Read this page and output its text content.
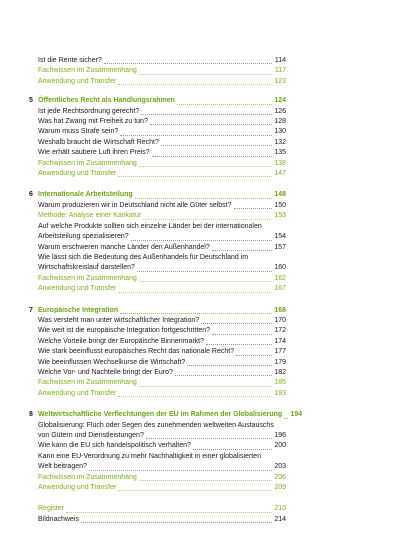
Ist die Rente sicher?	114
Fachwissen im Zusammenhang	117
Anwendung und Transfer	123
5 Öffentliches Recht als Handlungsrahmen	124
Ist jede Rechtsordnung gerecht?	126
Was hat Zwang mit Freiheit zu tun?	128
Warum muss Strafe sein?	130
Weshalb braucht die Wirtschaft Recht?	132
Wie erhält saubere Luft ihren Preis?	135
Fachwissen im Zusammenhang	138
Anwendung und Transfer	147
6 Internationale Arbeitsteilung	148
Warum produzieren wir in Deutschland nicht alle Güter selbst?	150
Methode: Analyse einer Karikatur	153
Auf welche Produkte sollten sich einzelne Länder bei der internationalen
Arbeitsteilung spezialisieren?	154
Warum erschweren manche Länder den Außenhandel?	157
Wie lässt sich die Bedeutung des Außenhandels für Deutschland im
Wirtschaftskreislauf darstellen?	160
Fachwissen im Zusammenhang	162
Anwendung und Transfer	167
7 Europäische Integration	168
Was versteht man unter wirtschaftlicher Integration?	170
Wie weit ist die europäische Integration fortgeschritten?	172
Welche Vorteile bringt der Europäische Binnenmarkt?	174
Wie stark beeinflusst europäisches Recht das nationale Recht?	177
Wie beeinflussen Wechselkurse die Wirtschaft?	179
Welche Vor- und Nachteile bringt der Euro?	182
Fachwissen im Zusammenhang	185
Anwendung und Transfer	193
8 Weltwirtschaftliche Verflechtungen der EU im Rahmen der Globalisierung 194
Globalisierung: Fluch oder Segen des zunehmenden weltweiten Austauschs
von Gütern und Dienstleistungen?	196
Wie kann die EU sich handelspolitisch verhalten?	200
Kann eine EU-Verordnung zu mehr Nachhaltigkeit in einer globalisierten
Welt beitragen?	203
Fachwissen im Zusammenhang	206
Anwendung und Transfer	209
Register	210
Bildnachweis	214
